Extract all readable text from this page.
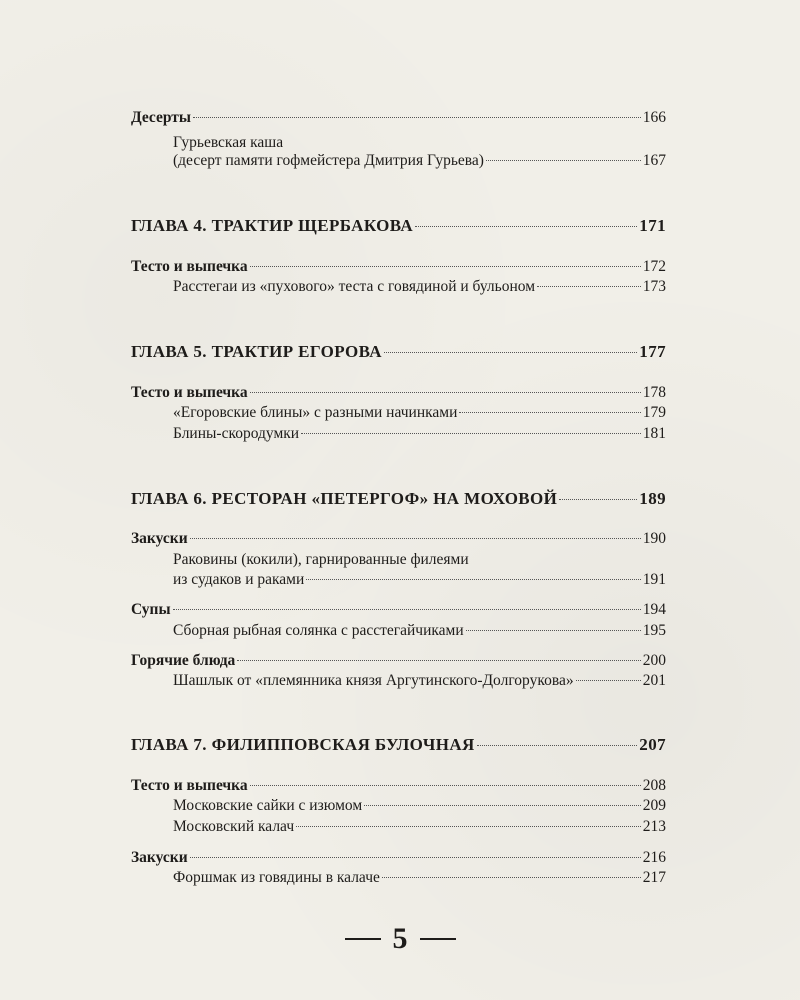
Десерты	166
Гурьевская каша
(десерт памяти гофмейстера Дмитрия Гурьева)	167
ГЛАВА 4. ТРАКТИР ЩЕРБАКОВА	171
Тесто и выпечка	172
Расстегаи из «пухового» теста с говядиной и бульоном	173
ГЛАВА 5. ТРАКТИР ЕГОРОВА	177
Тесто и выпечка	178
«Егоровские блины» с разными начинками	179
Блины-скородумки	181
ГЛАВА 6. РЕСТОРАН «ПЕТЕРГОФ» НА МОХОВОЙ	189
Закуски	190
Раковины (кокили), гарнированные филеями
из судаков и раками	191
Супы	194
Сборная рыбная солянка с расстегайчиками	195
Горячие блюда	200
Шашлык от «племянника князя Аргутинского-Долгорукова»	201
ГЛАВА 7. ФИЛИППОВСКАЯ БУЛОЧНАЯ	207
Тесто и выпечка	208
Московские сайки с изюмом	209
Московский калач	213
Закуски	216
Форшмак из говядины в калаче	217
5
